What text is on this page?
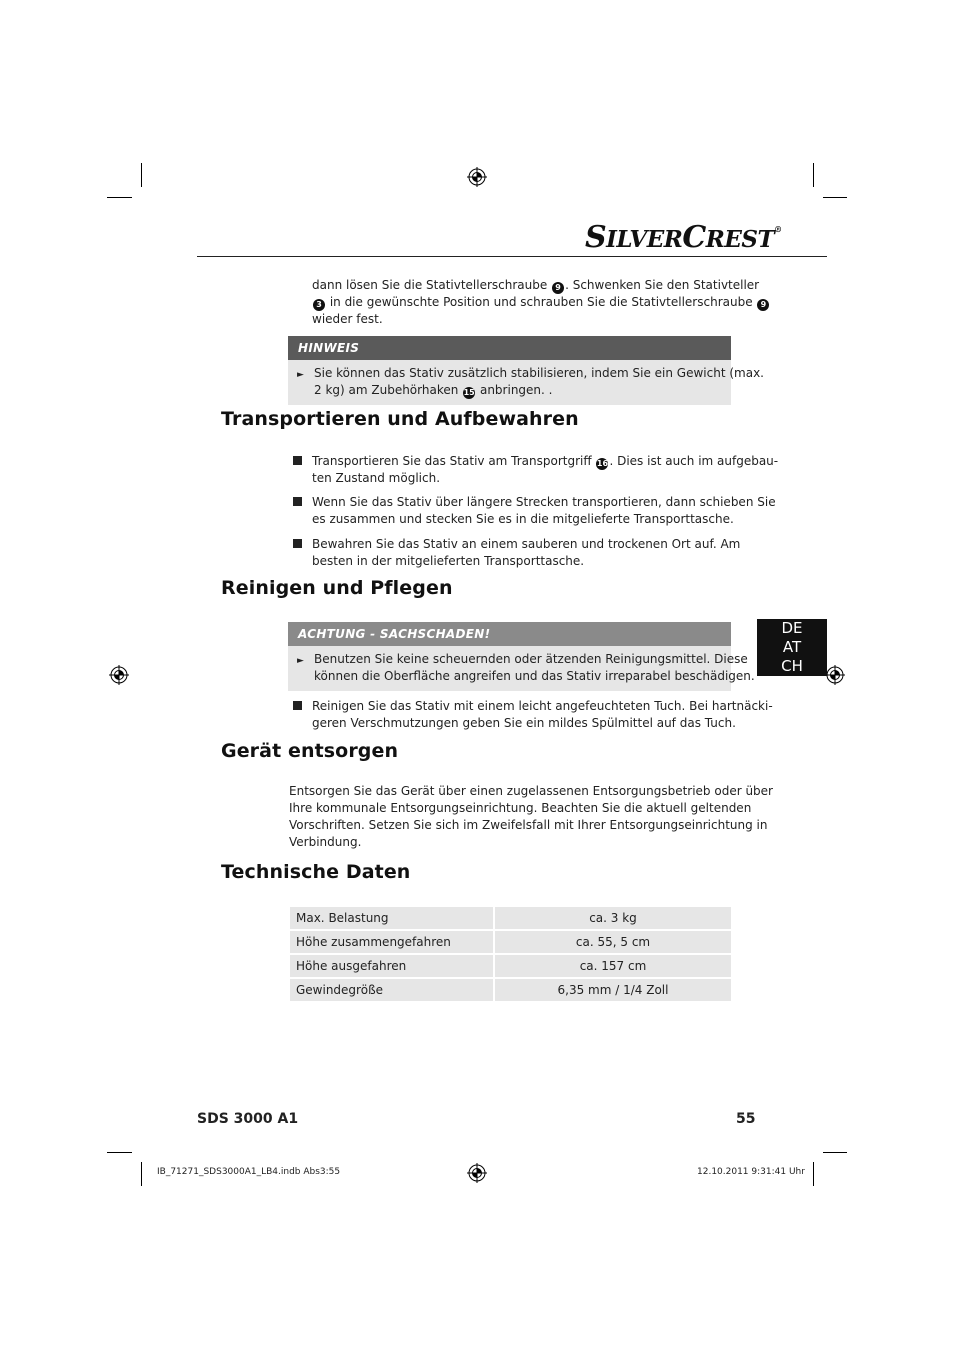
SILVERCREST®
dann lösen Sie die Stativtellerschraube 9 . Schwenken Sie den Stativteller
3 in die gewünschte Position und schrauben Sie die Stativtellerschraube 9
wieder fest.
HINWEIS
► Sie können das Stativ zusätzlich stabilisieren, indem Sie ein Gewicht (max.
2 kg) am Zubehörhaken 15 anbringen. .
Transportieren und Aufbewahren
Transportieren Sie das Stativ am Transportgriff 16. Dies ist auch im aufgebau-
ten Zustand möglich.
Wenn Sie das Stativ über längere Strecken transportieren, dann schieben Sie
es zusammen und stecken Sie es in die mitgelieferte Transporttasche.
Bewahren Sie das Stativ an einem sauberen und trockenen Ort auf. Am
besten in der mitgelieferten Transporttasche.
Reinigen und Pflegen
ACHTUNG - SACHSCHADEN!
► Benutzen Sie keine scheuernden oder ätzenden Reinigungsmittel. Diese
können die Oberfläche angreifen und das Stativ irreparabel beschädigen.
DE
AT
CH
Reinigen Sie das Stativ mit einem leicht angefeuchteten Tuch. Bei hartnäcki-
geren Verschmutzungen geben Sie ein mildes Spülmittel auf das Tuch.
Gerät entsorgen
Entsorgen Sie das Gerät über einen zugelassenen Entsorgungsbetrieb oder über
Ihre kommunale Entsorgungseinrichtung. Beachten Sie die aktuell geltenden
Vorschriften. Setzen Sie sich im Zweifelsfall mit Ihrer Entsorgungseinrichtung in
Verbindung.
Technische Daten
Max. Belastung	ca. 3 kg
Höhe zusammengefahren	ca. 55, 5 cm
Höhe ausgefahren	ca. 157 cm
Gewindegröße	6,35 mm / 1/4 Zoll
SDS 3000 A1	55
IB_71271_SDS3000A1_LB4.indb Abs3:55	12.10.2011 9:31:41 Uhr
